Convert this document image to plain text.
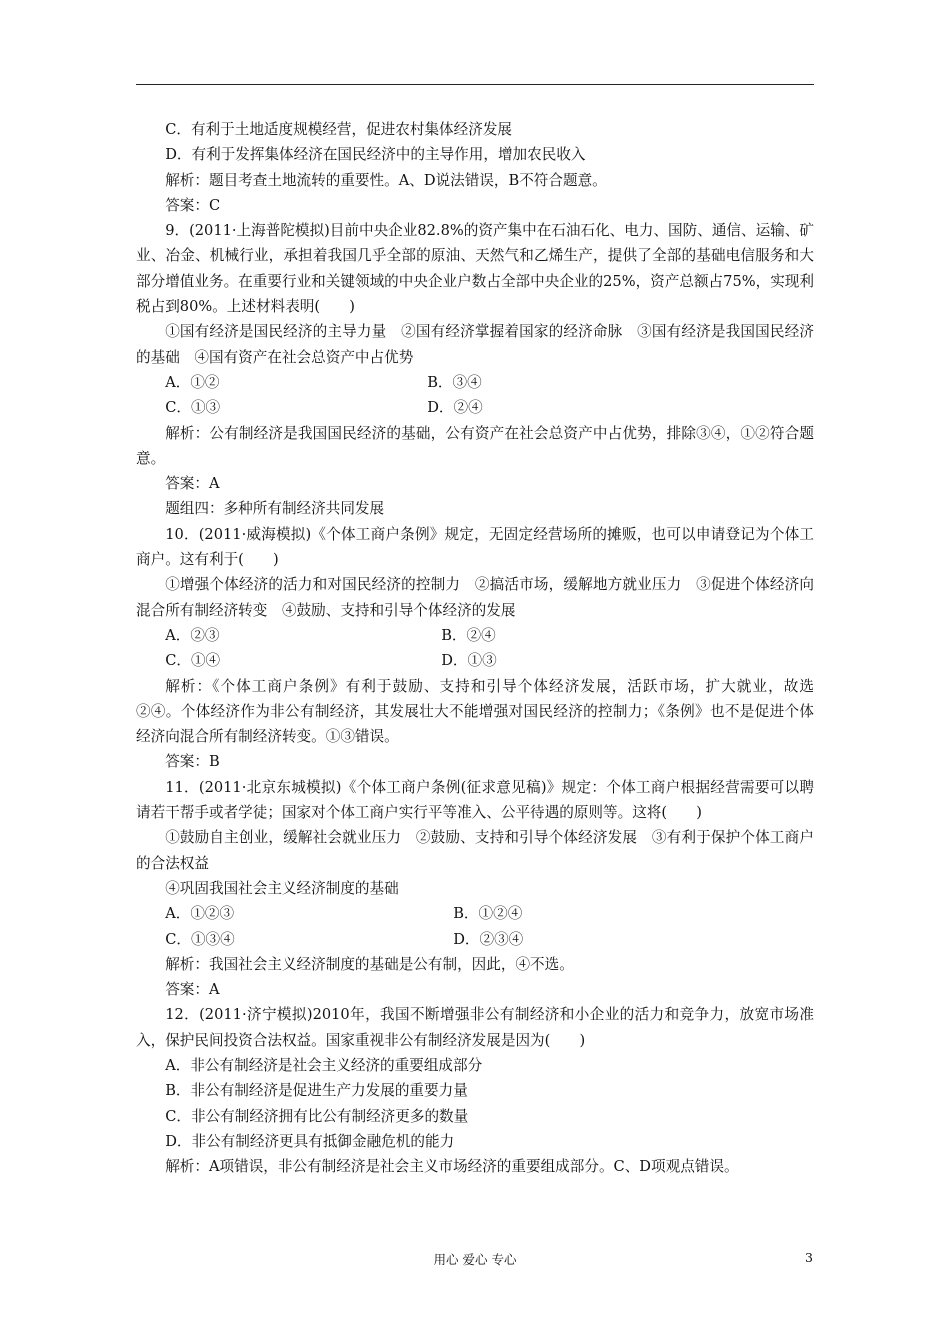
C．有利于土地适度规模经营，促进农村集体经济发展

D．有利于发挥集体经济在国民经济中的主导作用，增加农民收入

解析：题目考查土地流转的重要性。A、D说法错误，B不符合题意。

答案：C

9．(2011·上海普陀模拟)目前中央企业82.8%的资产集中在石油石化、电力、国防、通信、运输、矿业、冶金、机械行业，承担着我国几乎全部的原油、天然气和乙烯生产，提供了全部的基础电信服务和大部分增值业务。在重要行业和关键领域的中央企业户数占全部中央企业的25%，资产总额占75%，实现利税占到80%。上述材料表明(　　)

①国有经济是国民经济的主导力量　②国有经济掌握着国家的经济命脉　③国有经济是我国国民经济的基础　④国有资产在社会总资产中占优势

A．①②	B．③④
C．①③	D．②④

解析：公有制经济是我国国民经济的基础，公有资产在社会总资产中占优势，排除③④，①②符合题意。

答案：A

题组四：多种所有制经济共同发展

10．(2011·威海模拟)《个体工商户条例》规定，无固定经营场所的摊贩，也可以申请登记为个体工商户。这有利于(　　)

①增强个体经济的活力和对国民经济的控制力　②搞活市场，缓解地方就业压力　③促进个体经济向混合所有制经济转变　④鼓励、支持和引导个体经济的发展

A．②③	B．②④
C．①④	D．①③

解析：《个体工商户条例》有利于鼓励、支持和引导个体经济发展，活跃市场，扩大就业，故选②④。个体经济作为非公有制经济，其发展壮大不能增强对国民经济的控制力；《条例》也不是促进个体经济向混合所有制经济转变。①③错误。

答案：B

11．(2011·北京东城模拟)《个体工商户条例(征求意见稿)》规定：个体工商户根据经营需要可以聘请若干帮手或者学徒；国家对个体工商户实行平等准入、公平待遇的原则等。这将(　　)

①鼓励自主创业，缓解社会就业压力　②鼓励、支持和引导个体经济发展　③有利于保护个体工商户的合法权益

④巩固我国社会主义经济制度的基础

A．①②③	B．①②④
C．①③④	D．②③④

解析：我国社会主义经济制度的基础是公有制，因此，④不选。

答案：A

12．(2011·济宁模拟)2010年，我国不断增强非公有制经济和小企业的活力和竞争力，放宽市场准入，保护民间投资合法权益。国家重视非公有制经济发展是因为(　　)

A．非公有制经济是社会主义经济的重要组成部分

B．非公有制经济是促进生产力发展的重要力量

C．非公有制经济拥有比公有制经济更多的数量

D．非公有制经济更具有抵御金融危机的能力

解析：A项错误，非公有制经济是社会主义市场经济的重要组成部分。C、D项观点错误。

用心 爱心 专心	3
